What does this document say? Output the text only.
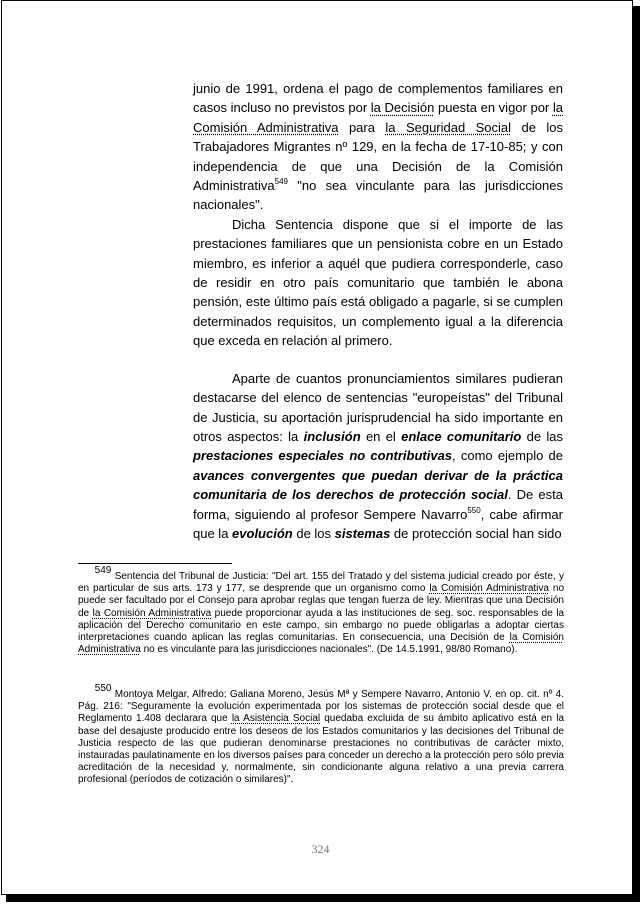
junio de 1991, ordena el pago de complementos familiares en casos incluso no previstos por la Decisión puesta en vigor por la Comisión Administrativa para la Seguridad Social de los Trabajadores Migrantes nº 129, en la fecha de 17-10-85; y con independencia de que una Decisión de la Comisión Administrativa$^{549}$ "no sea vinculante para las jurisdicciones nacionales".

Dicha Sentencia dispone que si el importe de las prestaciones familiares que un pensionista cobre en un Estado miembro, es inferior a aquél que pudiera corresponderle, caso de residir en otro país comunitario que también le abona pensión, este último país está obligado a pagarle, si se cumplen determinados requisitos, un complemento igual a la diferencia que exceda en relación al primero.

Aparte de cuantos pronunciamientos similares pudieran destacarse del elenco de sentencias "europeístas" del Tribunal de Justicia, su aportación jurisprudencial ha sido importante en otros aspectos: la inclusión en el enlace comunitario de las prestaciones especiales no contributivas, como ejemplo de avances convergentes que puedan derivar de la práctica comunitaria de los derechos de protección social. De esta forma, siguiendo al profesor Sempere Navarro$^{550}$, cabe afirmar que la evolución de los sistemas de protección social han sido

$^{549}$ Sentencia del Tribunal de Justicia: "Del art. 155 del Tratado y del sistema judicial creado por éste, y en particular de sus arts. 173 y 177, se desprende que un organismo como la Comisión Administrativa no puede ser facultado por el Consejo para aprobar reglas que tengan fuerza de ley. Mientras que una Decisión de la Comisión Administrativa puede proporcionar ayuda a las instituciones de seg. soc. responsables de la aplicación del Derecho comunitario en este campo, sin embargo no puede obligarlas a adoptar ciertas interpretaciones cuando aplican las reglas comunitarias. En consecuencia, una Decisión de la Comisión Administrativa no es vinculante para las jurisdicciones nacionales". (De 14.5.1991, 98/80 Romano).
$^{550}$ Montoya Melgar, Alfredo; Galiana Moreno, Jesús Mª y Sempere Navarro, Antonio V. en op. cit. nº 4. Pág. 216: "Seguramente la evolución experimentada por los sistemas de protección social desde que el Reglamento 1.408 declarara que la Asistencia Social quedaba excluida de su ámbito aplicativo está en la base del desajuste producido entre los deseos de los Estados comunitarios y las decisiones del Tribunal de Justicia respecto de las que pudieran denominarse prestaciones no contributivas de carácter mixto, instauradas paulatinamente en los diversos países para conceder un derecho a la protección pero sólo previa acreditación de la necesidad y, normalmente, sin condicionante alguna relativo a una previa carrera profesional (períodos de cotización o similares)".
324
